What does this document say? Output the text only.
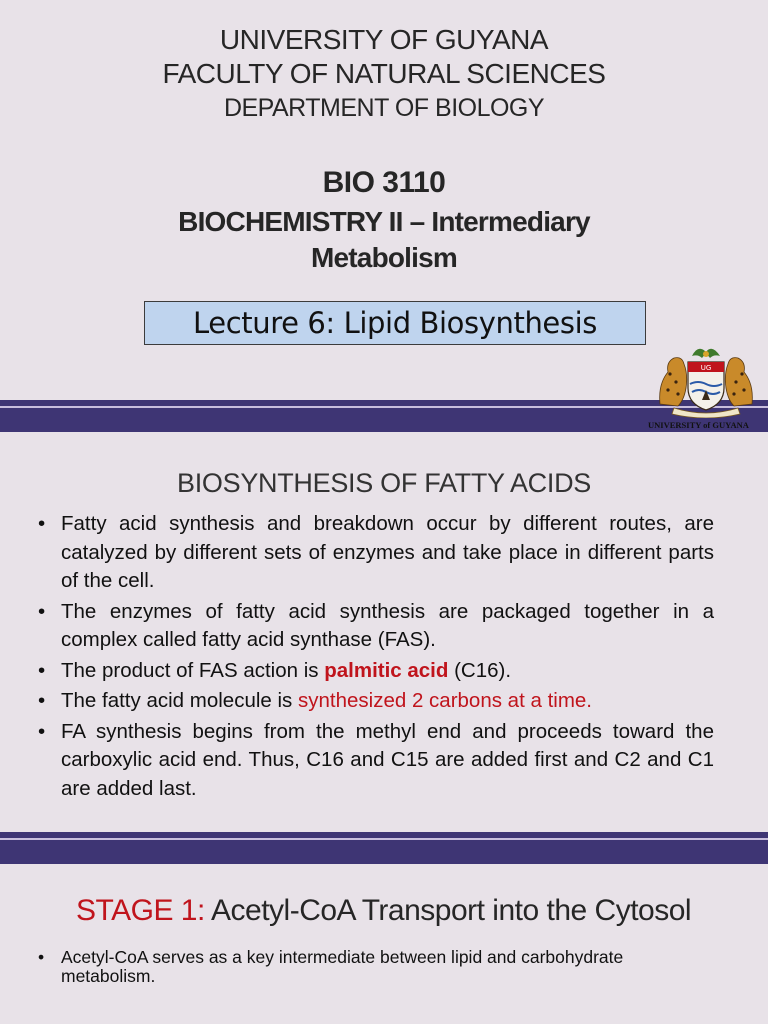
UNIVERSITY OF GUYANA
FACULTY OF NATURAL SCIENCES
DEPARTMENT OF BIOLOGY
BIO 3110
BIOCHEMISTRY II – Intermediary
Metabolism
Lecture 6: Lipid Biosynthesis
UG
UNIVERSITY of GUYANA
BIOSYNTHESIS OF FATTY ACIDS
• Fatty acid synthesis and breakdown occur by different routes, are catalyzed by different sets of enzymes and take place in different parts of the cell.
• The enzymes of fatty acid synthesis are packaged together in a complex called fatty acid synthase (FAS).
• The product of FAS action is palmitic acid (C16).
• The fatty acid molecule is synthesized 2 carbons at a time.
• FA synthesis begins from the methyl end and proceeds toward the carboxylic acid end. Thus, C16 and C15 are added first and C2 and C1 are added last.
STAGE 1: Acetyl-CoA Transport into the Cytosol
• Acetyl-CoA serves as a key intermediate between lipid and carbohydrate metabolism.
